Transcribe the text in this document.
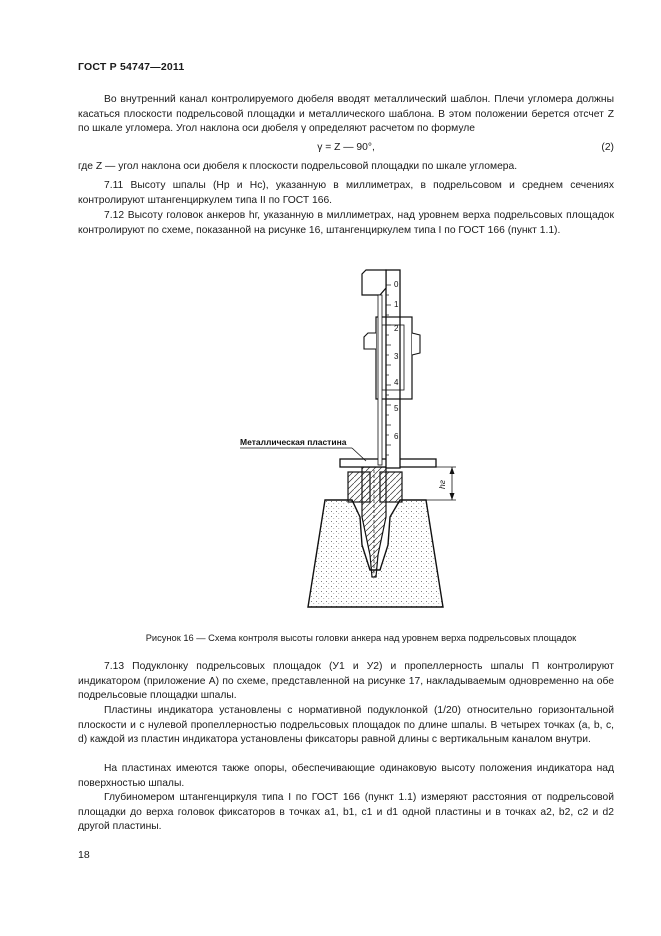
ГОСТ Р 54747—2011

Во внутренний канал контролируемого дюбеля вводят металлический шаблон. Плечи угломера должны касаться плоскости подрельсовой площадки и металлического шаблона. В этом положении берется отсчет Z по шкале угломера. Угол наклона оси дюбеля γ определяют расчетом по формуле

γ = Z — 90°,	(2)

где Z — угол наклона оси дюбеля к плоскости подрельсовой площадки по шкале угломера.

7.11 Высоту шпалы (Нр и Нс), указанную в миллиметрах, в подрельсовом и среднем сечениях контролируют штангенциркулем типа II по ГОСТ 166.

7.12 Высоту головок анкеров hг, указанную в миллиметрах, над уровнем верха подрельсовых площадок контролируют по схеме, показанной на рисунке 16, штангенциркулем типа I по ГОСТ 166 (пункт 1.1).

0
1
2
3
4
5
6
Металлическая пластина
hг
Рисунок 16 — Схема контроля высоты головки анкера над уровнем верха подрельсовых площадок

7.13 Подуклонку подрельсовых площадок (У1 и У2) и пропеллерность шпалы П контролируют индикатором (приложение А) по схеме, представленной на рисунке 17, накладываемым одновременно на обе подрельсовые площадки шпалы.

Пластины индикатора установлены с нормативной подуклонкой (1/20) относительно горизонтальной плоскости и с нулевой пропеллерностью подрельсовых площадок по длине шпалы. В четырех точках (a, b, c, d) каждой из пластин индикатора установлены фиксаторы равной длины с вертикальным каналом внутри.

На пластинах имеются также опоры, обеспечивающие одинаковую высоту положения индикатора над поверхностью шпалы.

Глубиномером штангенциркуля типа I по ГОСТ 166 (пункт 1.1) измеряют расстояния от подрельсовой площадки до верха головок фиксаторов в точках a1, b1, c1 и d1 одной пластины и в точках a2, b2, c2 и d2 другой пластины.

18
